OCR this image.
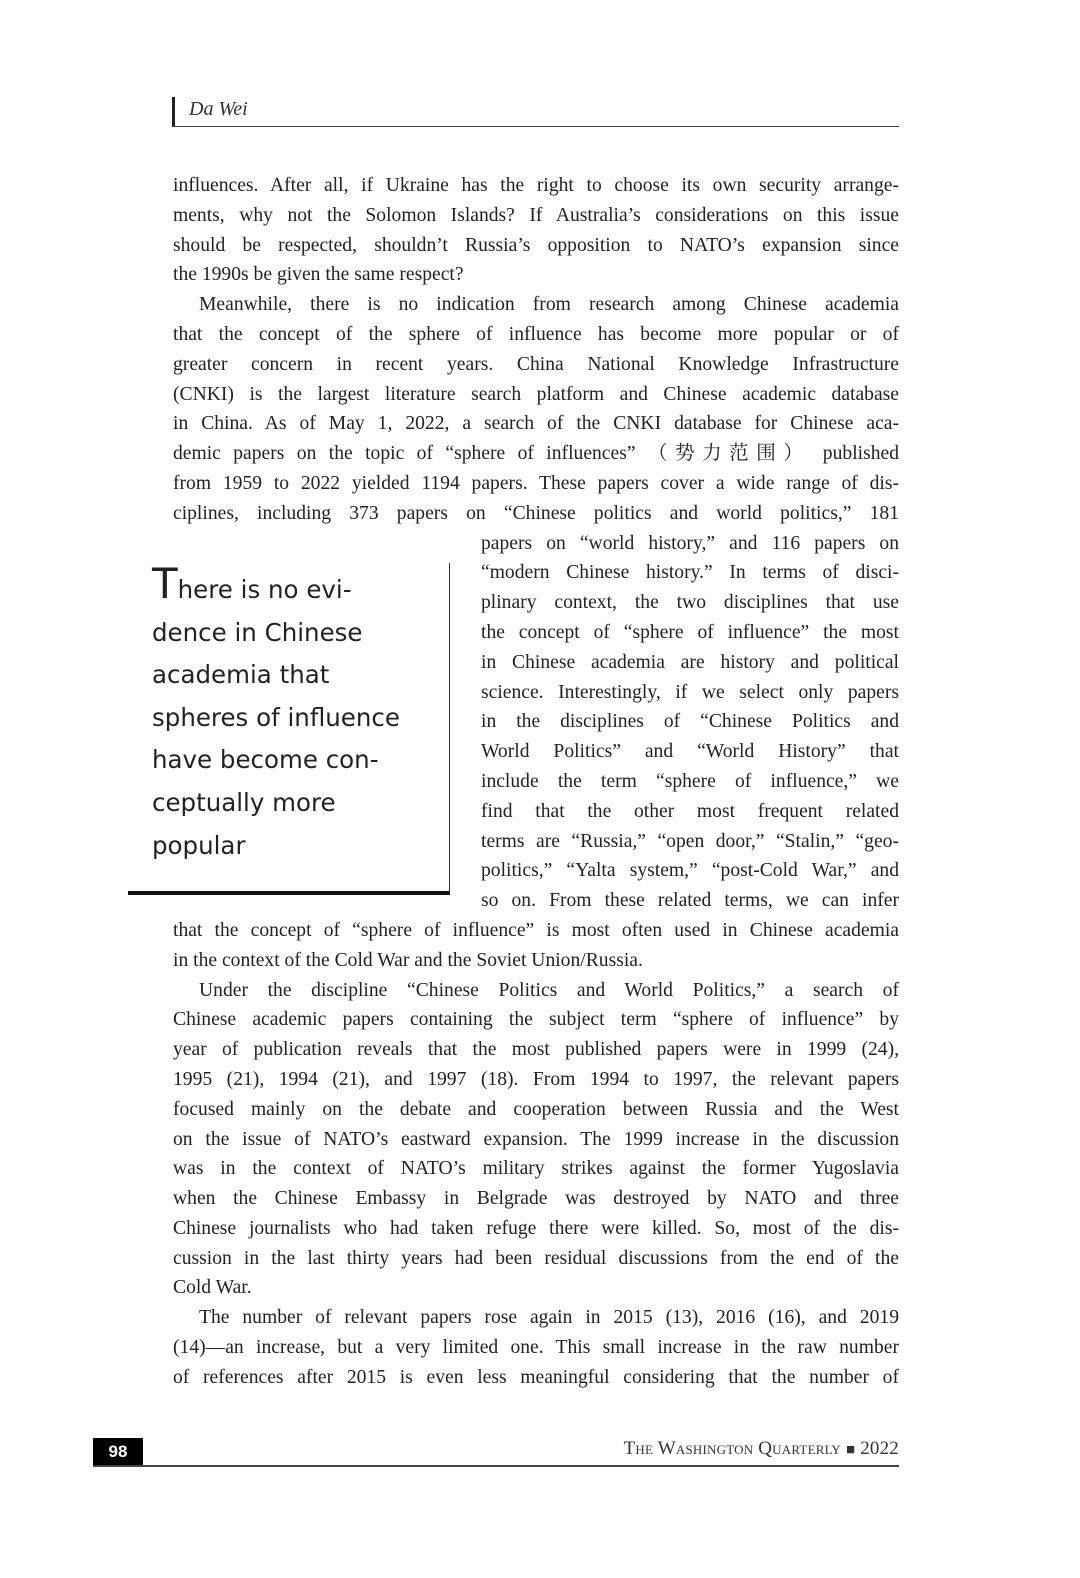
Da Wei
influences. After all, if Ukraine has the right to choose its own security arrange-
ments, why not the Solomon Islands? If Australia’s considerations on this issue
should be respected, shouldn’t Russia’s opposition to NATO’s expansion since
the 1990s be given the same respect?
Meanwhile, there is no indication from research among Chinese academia
that the concept of the sphere of influence has become more popular or of
greater concern in recent years. China National Knowledge Infrastructure
(CNKI) is the largest literature search platform and Chinese academic database
in China. As of May 1, 2022, a search of the CNKI database for Chinese aca-
demic papers on the topic of “sphere of influences” （势力范围） published
from 1959 to 2022 yielded 1194 papers. These papers cover a wide range of dis-
ciplines, including 373 papers on “Chinese politics and world politics,” 181
papers on “world history,” and 116 papers on
“modern Chinese history.” In terms of disci-
plinary context, the two disciplines that use
the concept of “sphere of influence” the most
in Chinese academia are history and political
science. Interestingly, if we select only papers
in the disciplines of “Chinese Politics and
World Politics” and “World History” that
include the term “sphere of influence,” we
find that the other most frequent related
terms are “Russia,” “open door,” “Stalin,” “geo-
politics,” “Yalta system,” “post-Cold War,” and
so on. From these related terms, we can infer
that the concept of “sphere of influence” is most often used in Chinese academia
in the context of the Cold War and the Soviet Union/Russia.
Under the discipline “Chinese Politics and World Politics,” a search of
Chinese academic papers containing the subject term “sphere of influence” by
year of publication reveals that the most published papers were in 1999 (24),
1995 (21), 1994 (21), and 1997 (18). From 1994 to 1997, the relevant papers
focused mainly on the debate and cooperation between Russia and the West
on the issue of NATO’s eastward expansion. The 1999 increase in the discussion
was in the context of NATO’s military strikes against the former Yugoslavia
when the Chinese Embassy in Belgrade was destroyed by NATO and three
Chinese journalists who had taken refuge there were killed. So, most of the dis-
cussion in the last thirty years had been residual discussions from the end of the
Cold War.
The number of relevant papers rose again in 2015 (13), 2016 (16), and 2019
(14)—an increase, but a very limited one. This small increase in the raw number
of references after 2015 is even less meaningful considering that the number of
There is no evi-
dence in Chinese
academia that
spheres of influence
have become con-
ceptually more
popular
98	The Washington Quarterly ■ 2022
